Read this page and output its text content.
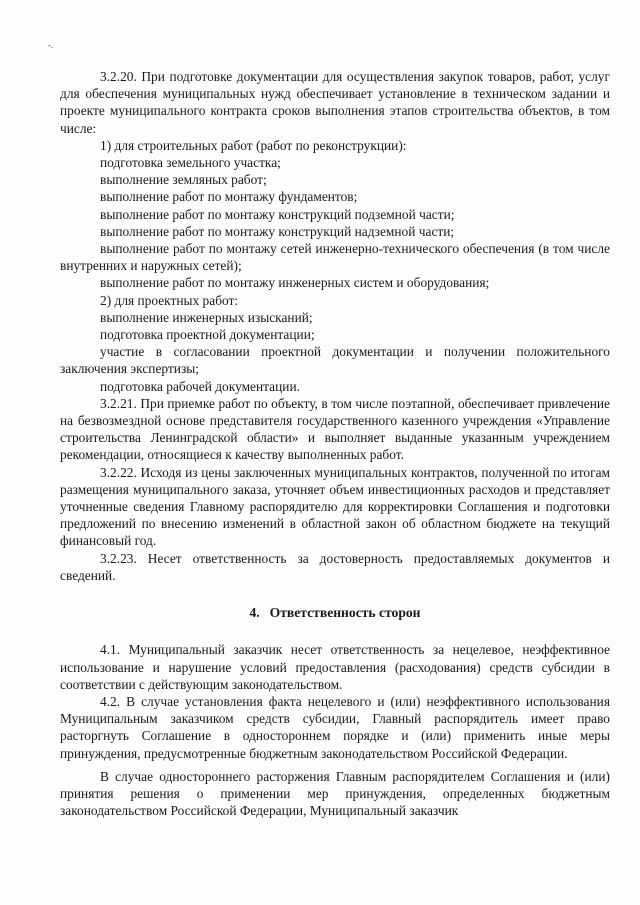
-.

3.2.20. При подготовке документации для осуществления закупок товаров, работ, услуг для обеспечения муниципальных нужд обеспечивает установление в техническом задании и проекте муниципального контракта сроков выполнения этапов строительства объектов, в том числе:

1) для строительных работ (работ по реконструкции):

подготовка земельного участка;

выполнение земляных работ;

выполнение работ по монтажу фундаментов;

выполнение работ по монтажу конструкций подземной части;

выполнение работ по монтажу конструкций надземной части;

выполнение работ по монтажу сетей инженерно-технического обеспечения (в том числе внутренних и наружных сетей);

выполнение работ по монтажу инженерных систем и оборудования;

2) для проектных работ:

выполнение инженерных изысканий;

подготовка проектной документации;

участие в согласовании проектной документации и получении положительного заключения экспертизы;

подготовка рабочей документации.

3.2.21. При приемке работ по объекту, в том числе поэтапной, обеспечивает привлечение на безвозмездной основе представителя государственного казенного учреждения «Управление строительства Ленинградской области» и выполняет выданные указанным учреждением рекомендации, относящиеся к качеству выполненных работ.

3.2.22. Исходя из цены заключенных муниципальных контрактов, полученной по итогам размещения муниципального заказа, уточняет объем инвестиционных расходов и представляет уточненные сведения Главному распорядителю для корректировки Соглашения и подготовки предложений по внесению изменений в областной закон об областном бюджете на текущий финансовый год.

3.2.23. Несет ответственность за достоверность предоставляемых документов и сведений.

4. Ответственность сторон

4.1. Муниципальный заказчик несет ответственность за нецелевое, неэффективное использование и нарушение условий предоставления (расходования) средств субсидии в соответствии с действующим законодательством.

4.2. В случае установления факта нецелевого и (или) неэффективного использования Муниципальным заказчиком средств субсидии, Главный распорядитель имеет право расторгнуть Соглашение в одностороннем порядке и (или) применить иные меры принуждения, предусмотренные бюджетным законодательством Российской Федерации.

В случае одностороннего расторжения Главным распорядителем Соглашения и (или) принятия решения о применении мер принуждения, определенных бюджетным законодательством Российской Федерации, Муниципальный заказчик
